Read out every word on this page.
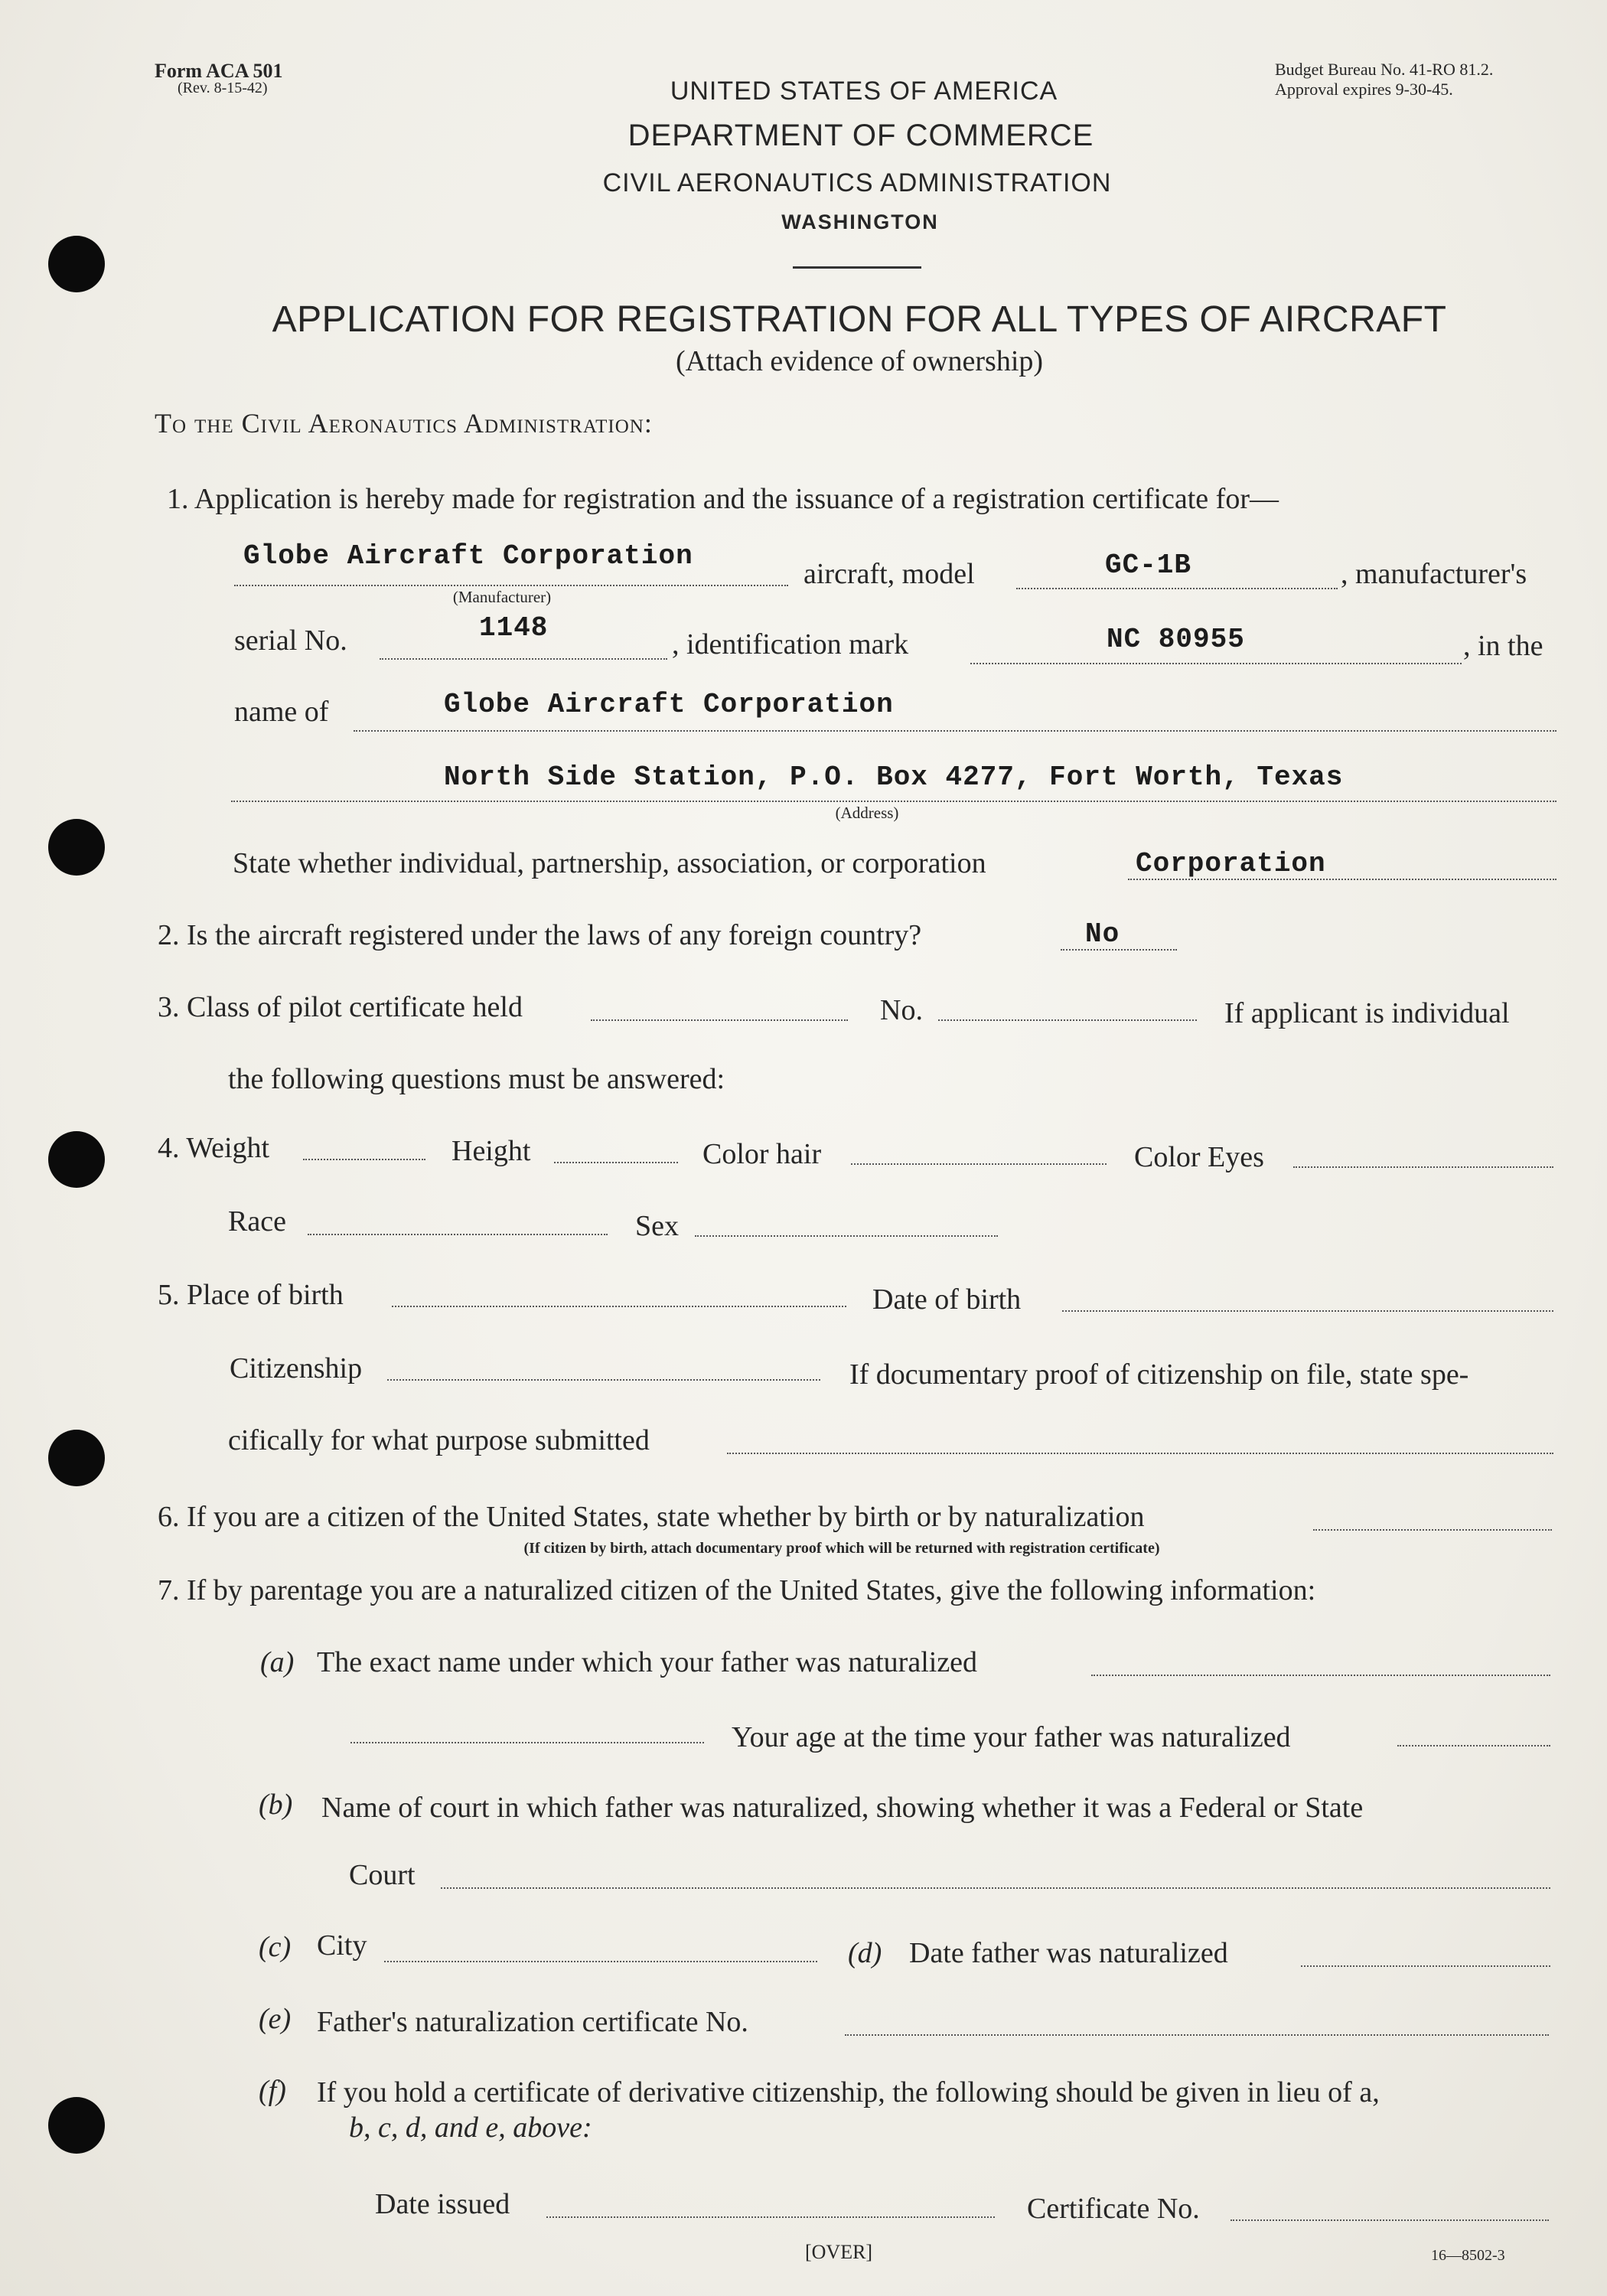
Form ACA 501
(Rev. 8-15-42)
Budget Bureau No. 41-RO 81.2.
Approval expires 9-30-45.
UNITED STATES OF AMERICA
DEPARTMENT OF COMMERCE
CIVIL AERONAUTICS ADMINISTRATION
WASHINGTON
APPLICATION FOR REGISTRATION FOR ALL TYPES OF AIRCRAFT
(Attach evidence of ownership)
To the Civil Aeronautics Administration:
1. Application is hereby made for registration and the issuance of a registration certificate for—
Globe Aircraft Corporation
(Manufacturer)
aircraft, model	GC-1B	, manufacturer's
serial No.	1148
, identification mark	NC 80955	, in the
name of	Globe Aircraft Corporation
North Side Station, P.O. Box 4277, Fort Worth, Texas
(Address)
State whether individual, partnership, association, or corporation	Corporation
2. Is the aircraft registered under the laws of any foreign country?	No
3. Class of pilot certificate held	No.	If applicant is individual
the following questions must be answered:
4. Weight	Height	Color hair	Color Eyes
Race	Sex
5. Place of birth	Date of birth
Citizenship	If documentary proof of citizenship on file, state spe-
cifically for what purpose submitted
6. If you are a citizen of the United States, state whether by birth or by naturalization
(If citizen by birth, attach documentary proof which will be returned with registration certificate)
7. If by parentage you are a naturalized citizen of the United States, give the following information:
(a) The exact name under which your father was naturalized
Your age at the time your father was naturalized
(b) Name of court in which father was naturalized, showing whether it was a Federal or State
Court
(c) City	(d) Date father was naturalized
(e) Father's naturalization certificate No.
(f) If you hold a certificate of derivative citizenship, the following should be given in lieu of a,
b, c, d, and e, above:
Date issued	Certificate No.
[OVER]	16—8502-3
